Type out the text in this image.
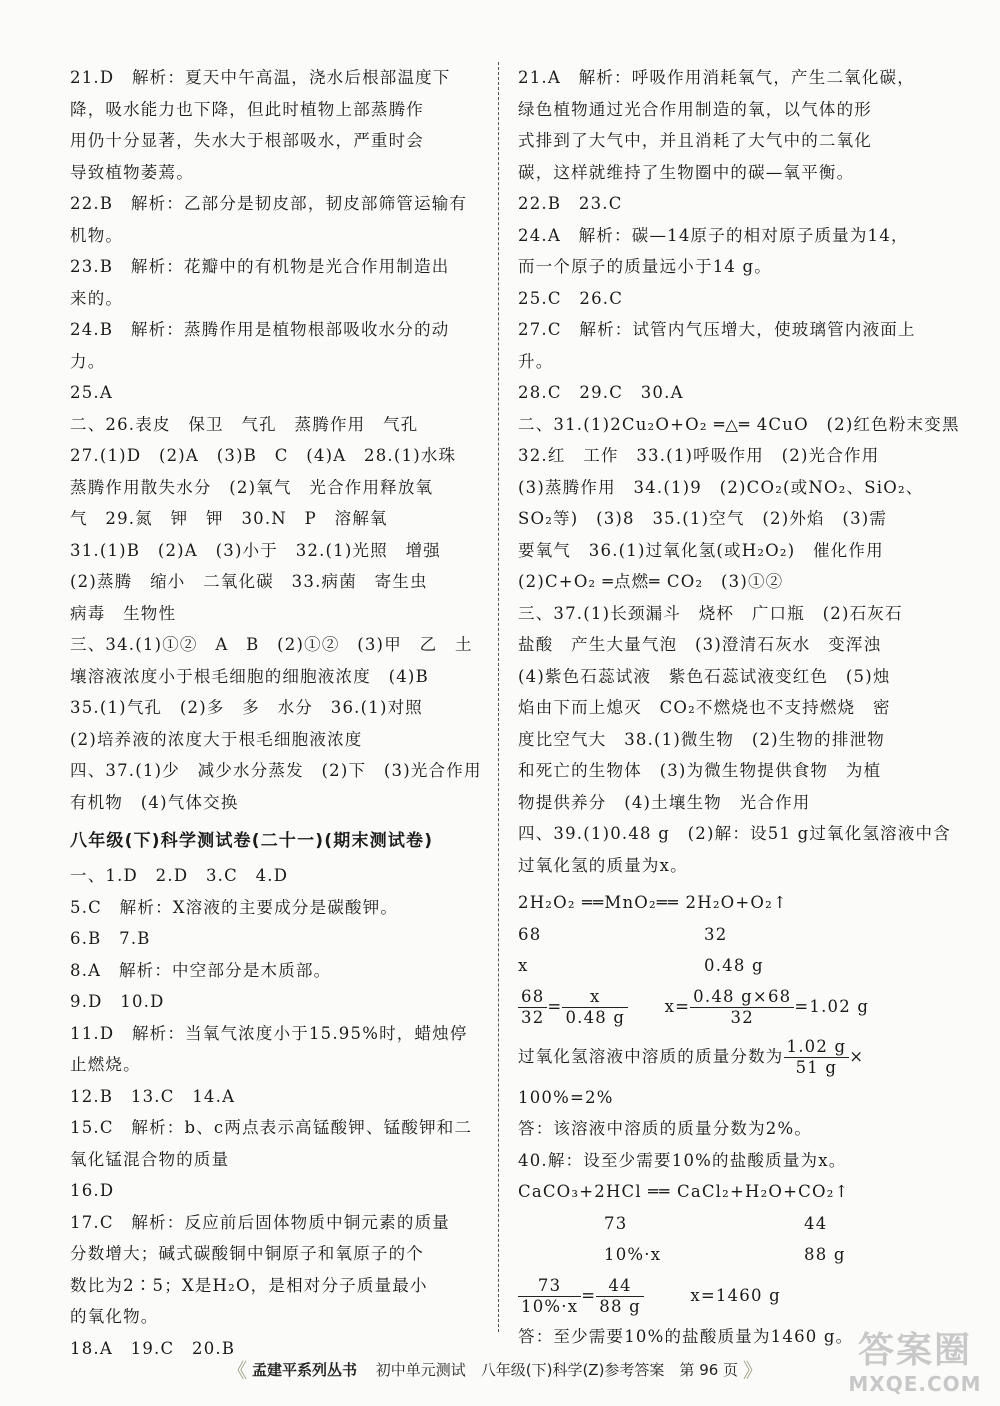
21.D　解析：夏天中午高温，浇水后根部温度下
降，吸水能力也下降，但此时植物上部蒸腾作
用仍十分显著，失水大于根部吸水，严重时会
导致植物萎蔫。
22.B　解析：乙部分是韧皮部，韧皮部筛管运输有
机物。
23.B　解析：花瓣中的有机物是光合作用制造出
来的。
24.B　解析：蒸腾作用是植物根部吸收水分的动
力。
25.A
二、26.表皮　保卫　气孔　蒸腾作用　气孔
27.(1)D　(2)A　(3)B　C　(4)A　28.(1)水珠
蒸腾作用散失水分　(2)氧气　光合作用释放氧
气　29.氮　钾　钾　30.N　P　溶解氧
31.(1)B　(2)A　(3)小于　32.(1)光照　增强
(2)蒸腾　缩小　二氧化碳　33.病菌　寄生虫
病毒　生物性
三、34.(1)①②　A　B　(2)①②　(3)甲　乙　土
壤溶液浓度小于根毛细胞的细胞液浓度　(4)B
35.(1)气孔　(2)多　多　水分　36.(1)对照
(2)培养液的浓度大于根毛细胞液浓度
四、37.(1)少　减少水分蒸发　(2)下　(3)光合作用
有机物　(4)气体交换
八年级(下)科学测试卷(二十一)(期末测试卷)
一、1.D　2.D　3.C　4.D
5.C　解析：X溶液的主要成分是碳酸钾。
6.B　7.B
8.A　解析：中空部分是木质部。
9.D　10.D
11.D　解析：当氧气浓度小于15.95%时，蜡烛停
止燃烧。
12.B　13.C　14.A
15.C　解析：b、c两点表示高锰酸钾、锰酸钾和二
氧化锰混合物的质量
16.D
17.C　解析：反应前后固体物质中铜元素的质量
分数增大；碱式碳酸铜中铜原子和氧原子的个
数比为2∶5；X是H₂O，是相对分子质量最小
的氧化物。
18.A　19.C　20.B
21.A　解析：呼吸作用消耗氧气，产生二氧化碳，
绿色植物通过光合作用制造的氧，以气体的形
式排到了大气中，并且消耗了大气中的二氧化
碳，这样就维持了生物圈中的碳—氧平衡。
22.B　23.C
24.A　解析：碳—14原子的相对原子质量为14，
而一个原子的质量远小于14 g。
25.C　26.C
27.C　解析：试管内气压增大，使玻璃管内液面上
升。
28.C　29.C　30.A
二、31.(1)2Cu₂O+O₂ ═△═ 4CuO　(2)红色粉末变黑
32.红　工作　33.(1)呼吸作用　(2)光合作用
(3)蒸腾作用　34.(1)9　(2)CO₂(或NO₂、SiO₂、
SO₂等)　(3)8　35.(1)空气　(2)外焰　(3)需
要氧气　36.(1)过氧化氢(或H₂O₂)　催化作用
(2)C+O₂ ═点燃═ CO₂　(3)①②
三、37.(1)长颈漏斗　烧杯　广口瓶　(2)石灰石
盐酸　产生大量气泡　(3)澄清石灰水　变浑浊
(4)紫色石蕊试液　紫色石蕊试液变红色　(5)烛
焰由下而上熄灭　CO₂不燃烧也不支持燃烧　密
度比空气大　38.(1)微生物　(2)生物的排泄物
和死亡的生物体　(3)为微生物提供食物　为植
物提供养分　(4)土壤生物　光合作用
四、39.(1)0.48 g　(2)解：设51 g过氧化氢溶液中含
过氧化氢的质量为x。
2H₂O₂ ══MnO₂══ 2H₂O+O₂↑
68	32
x	0.48 g
$\frac{68}{32} = \frac{x}{0.48 g} x= \frac{0.48 g\times 68}{32} =1.02$ g
过氧化氢溶液中溶质的质量分数为 $\frac{1.02 g}{51 g}$ ×
100%=2%
答：该溶液中溶质的质量分数为2%。
40.解：设至少需要10%的盐酸质量为x。
CaCO₃+2HCl ══ CaCl₂+H₂O+CO₂↑
73	44
10%·x	88 g
$\frac{73}{10\%\cdot x} = \frac{44}{88 g}$	x=1460 g
答：至少需要10%的盐酸质量为1460 g。
《 孟建平系列丛书 初中单元测试　八年级(下)科学(Z)参考答案　第 96 页 》	答案圈
MXQE.COM
